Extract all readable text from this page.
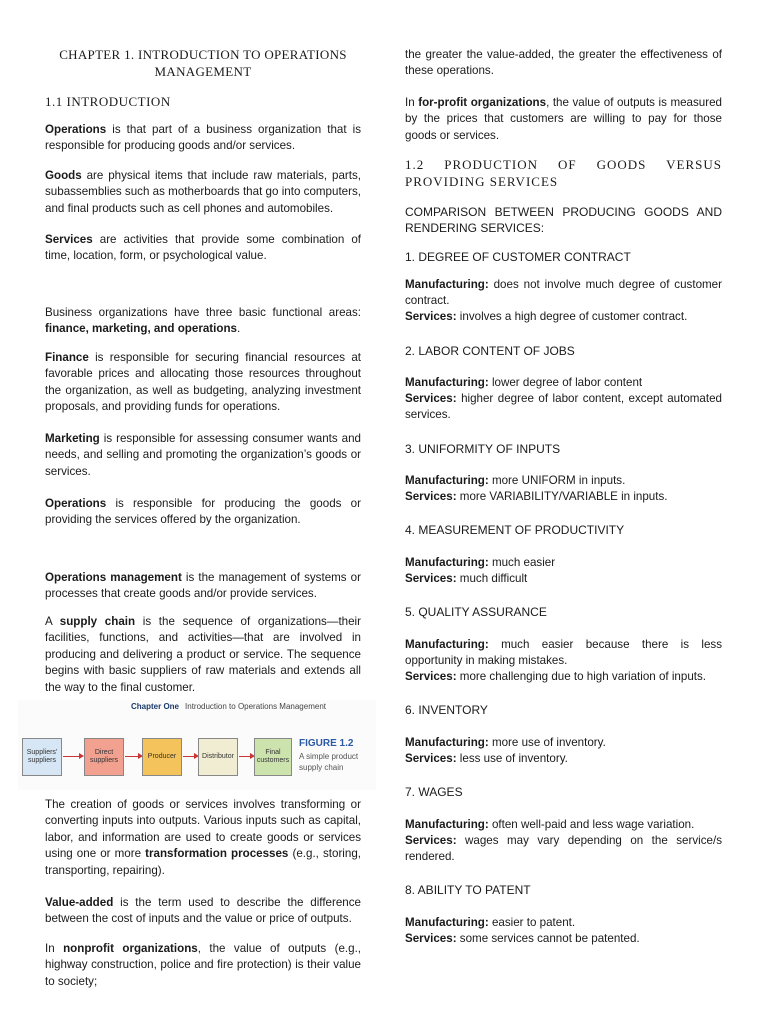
CHAPTER 1. INTRODUCTION TO OPERATIONS MANAGEMENT
1.1 INTRODUCTION

Operations is that part of a business organization that is responsible for producing goods and/or services.

Goods are physical items that include raw materials, parts, subassemblies such as motherboards that go into computers, and final products such as cell phones and automobiles.

Services are activities that provide some combination of time, location, form, or psychological value.

Business organizations have three basic functional areas: finance, marketing, and operations.

Finance is responsible for securing financial resources at favorable prices and allocating those resources throughout the organization, as well as budgeting, analyzing investment proposals, and providing funds for operations.

Marketing is responsible for assessing consumer wants and needs, and selling and promoting the organization’s goods or services.

Operations is responsible for producing the goods or providing the services offered by the organization.

Operations management is the management of systems or processes that create goods and/or provide services.

A supply chain is the sequence of organizations—their facilities, functions, and activities—that are involved in producing and delivering a product or service. The sequence begins with basic suppliers of raw materials and extends all the way to the final customer.

The creation of goods or services involves transforming or converting inputs into outputs. Various inputs such as capital, labor, and information are used to create goods or services using one or more transformation processes (e.g., storing, transporting, repairing).

Value-added is the term used to describe the difference between the cost of inputs and the value or price of outputs.

In nonprofit organizations, the value of outputs (e.g., highway construction, police and fire protection) is their value to society;

Chapter One Introduction to Operations Management
Suppliers' suppliers
Direct suppliers
Producer	Distributor
Final customers
FIGURE 1.2
A simple product supply chain

the greater the value-added, the greater the effectiveness of these operations.

In for-profit organizations, the value of outputs is measured by the prices that customers are willing to pay for those goods or services.

1.2 PRODUCTION OF GOODS VERSUS PROVIDING SERVICES

COMPARISON BETWEEN PRODUCING GOODS AND RENDERING SERVICES:

1. DEGREE OF CUSTOMER CONTRACT

Manufacturing: does not involve much degree of customer contract.

Services: involves a high degree of customer contract.

2. LABOR CONTENT OF JOBS

Manufacturing: lower degree of labor content

Services: higher degree of labor content, except automated services.

3. UNIFORMITY OF INPUTS

Manufacturing: more UNIFORM in inputs.

Services: more VARIABILITY/VARIABLE in inputs.

4. MEASUREMENT OF PRODUCTIVITY

Manufacturing: much easier

Services: much difficult

5. QUALITY ASSURANCE

Manufacturing: much easier because there is less opportunity in making mistakes.

Services: more challenging due to high variation of inputs.

6. INVENTORY

Manufacturing: more use of inventory.

Services: less use of inventory.

7. WAGES

Manufacturing: often well-paid and less wage variation.

Services: wages may vary depending on the service/s rendered.

8. ABILITY TO PATENT

Manufacturing: easier to patent.

Services: some services cannot be patented.
